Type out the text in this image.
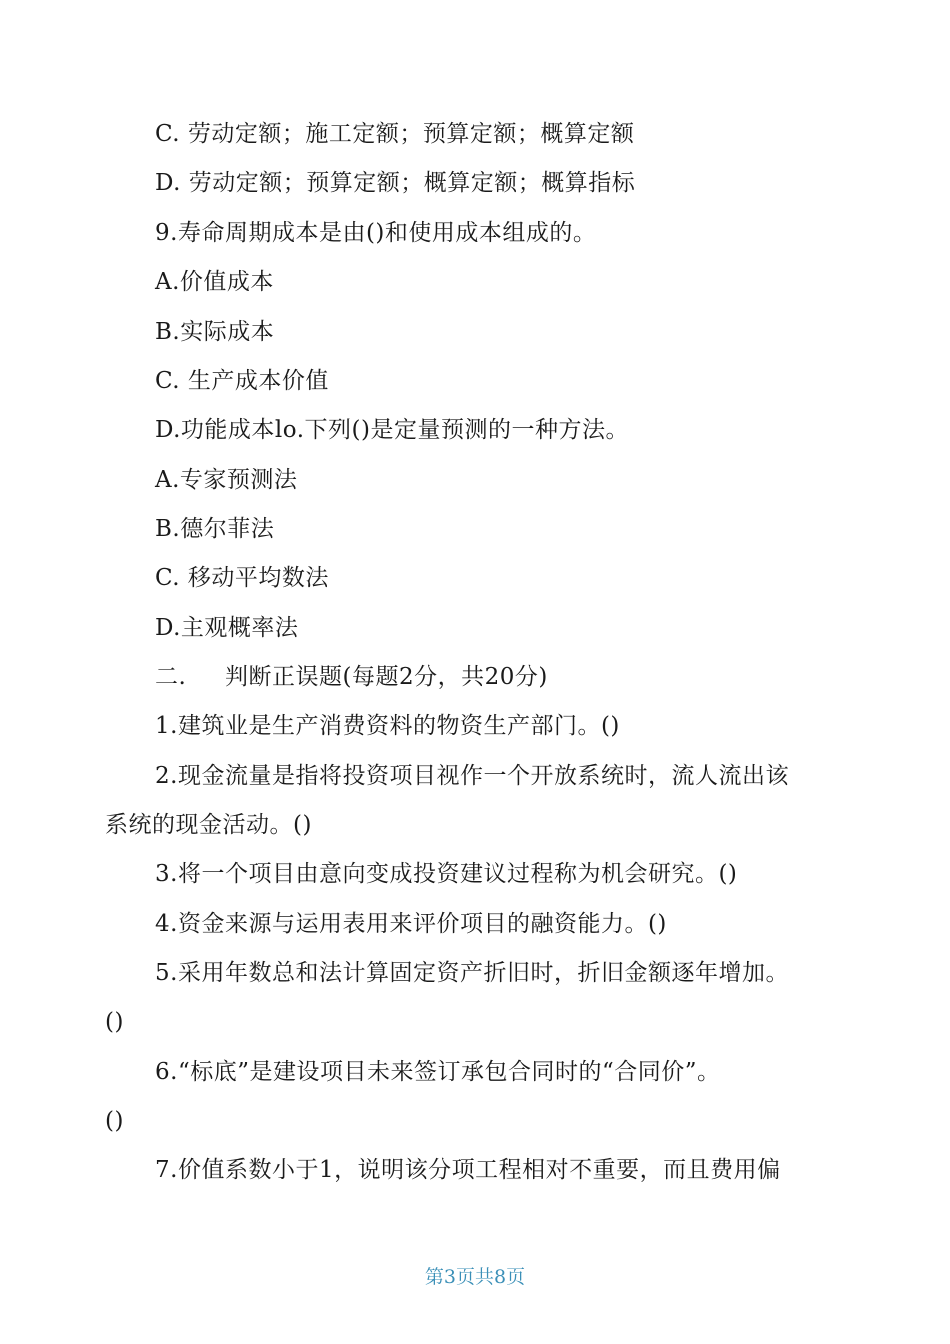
C. 劳动定额；施工定额；预算定额；概算定额
D. 劳动定额；预算定额；概算定额；概算指标
9.寿命周期成本是由()和使用成本组成的。
A.价值成本
B.实际成本
C. 生产成本价值
D.功能成本lo.下列()是定量预测的一种方法。
A.专家预测法
B.德尔菲法
C. 移动平均数法
D.主观概率法
二. 判断正误题(每题2分，共20分)
1.建筑业是生产消费资料的物资生产部门。()
2.现金流量是指将投资项目视作一个开放系统时，流人流出该
系统的现金活动。()
3.将一个项目由意向变成投资建议过程称为机会研究。()
4.资金来源与运用表用来评价项目的融资能力。()
5.采用年数总和法计算固定资产折旧时，折旧金额逐年增加。
()
6.“标底”是建设项目未来签订承包合同时的“合同价”。
()
7.价值系数小于1，说明该分项工程相对不重要，而且费用偏
第3页共8页
